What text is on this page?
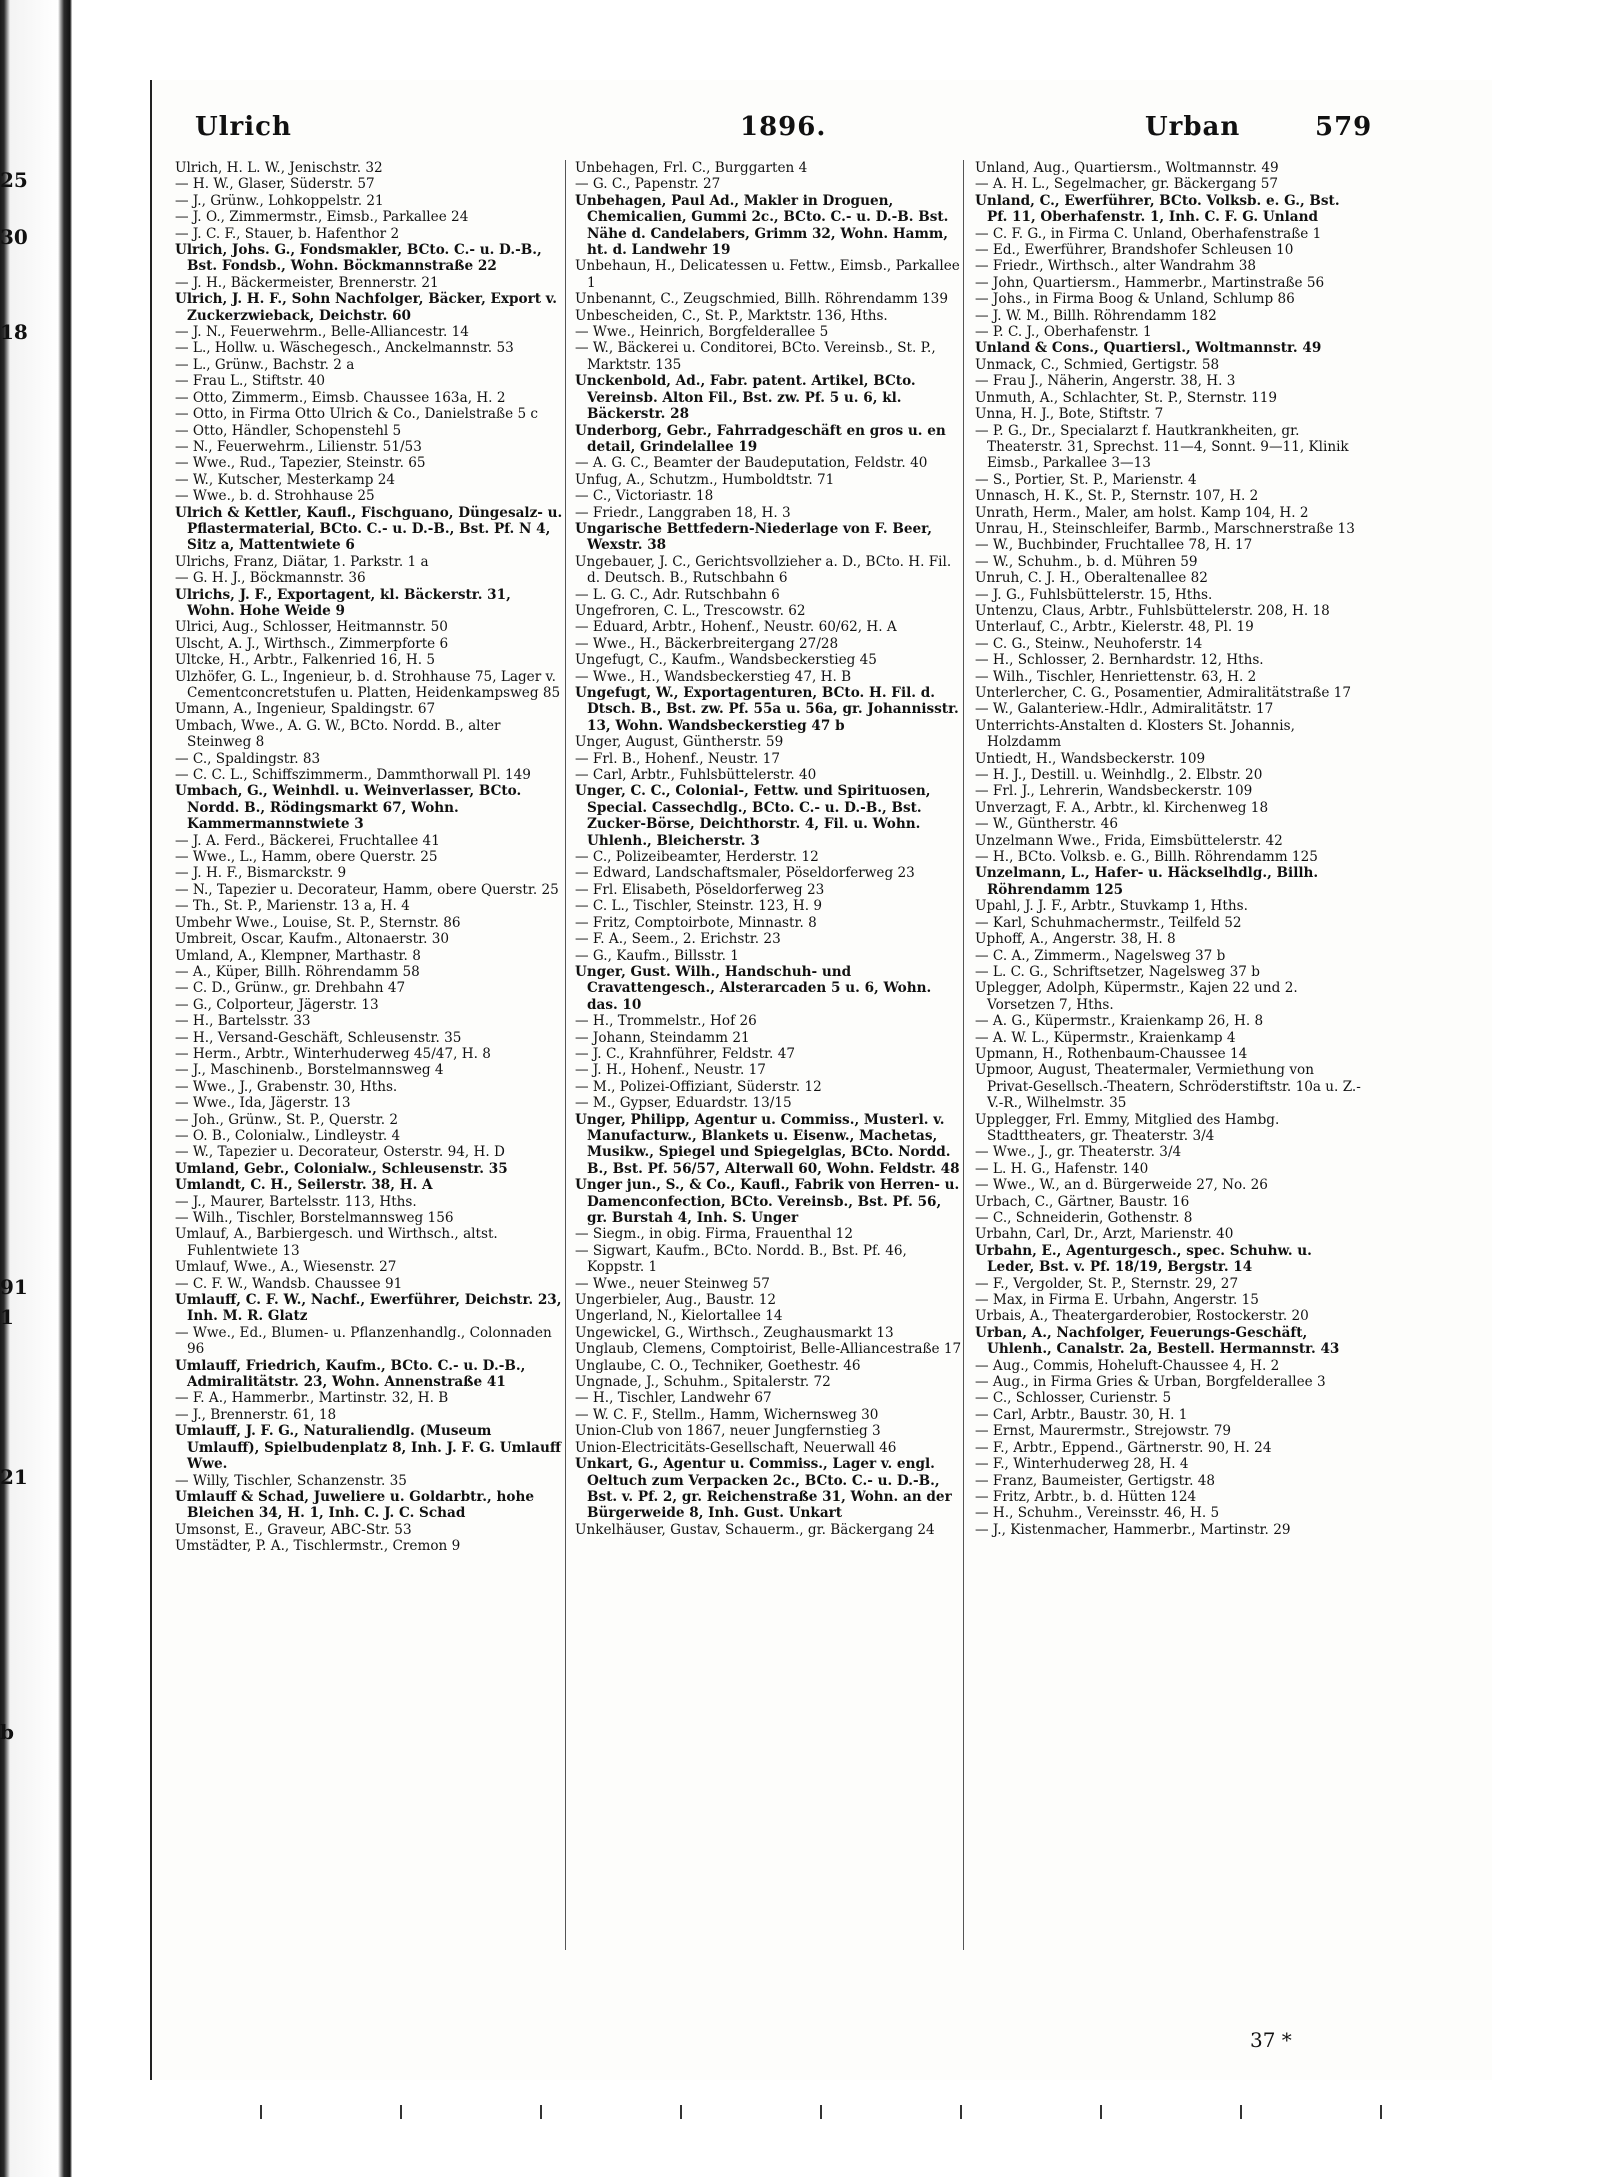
Ulrich	1896.	Urban	579

Ulrich, H. L. W., Jenischstr. 32

— H. W., Glaser, Süderstr. 57

— J., Grünw., Lohkoppelstr. 21

— J. O., Zimmermstr., Eimsb., Parkallee 24

— J. C. F., Stauer, b. Hafenthor 2

Ulrich, Johs. G., Fondsmakler, BCto. C.- u. D.-B., Bst. Fondsb., Wohn. Böckmannstraße 22

— J. H., Bäckermeister, Brennerstr. 21

Ulrich, J. H. F., Sohn Nachfolger, Bäcker, Export v. Zuckerzwieback, Deichstr. 60

— J. N., Feuerwehrm., Belle-Alliancestr. 14

— L., Hollw. u. Wäschegesch., Anckelmannstr. 53

— L., Grünw., Bachstr. 2 a

— Frau L., Stiftstr. 40

— Otto, Zimmerm., Eimsb. Chaussee 163a, H. 2

— Otto, in Firma Otto Ulrich & Co., Danielstraße 5 c

— Otto, Händler, Schopenstehl 5

— N., Feuerwehrm., Lilienstr. 51/53

— Wwe., Rud., Tapezier, Steinstr. 65

— W., Kutscher, Mesterkamp 24

— Wwe., b. d. Strohhause 25

Ulrich & Kettler, Kaufl., Fischguano, Düngesalz- u. Pflastermaterial, BCto. C.- u. D.-B., Bst. Pf. N 4, Sitz a, Mattentwiete 6

Ulrichs, Franz, Diätar, 1. Parkstr. 1 a

— G. H. J., Böckmannstr. 36

Ulrichs, J. F., Exportagent, kl. Bäckerstr. 31, Wohn. Hohe Weide 9

Ulrici, Aug., Schlosser, Heitmannstr. 50

Ulscht, A. J., Wirthsch., Zimmerpforte 6

Ultcke, H., Arbtr., Falkenried 16, H. 5

Ulzhöfer, G. L., Ingenieur, b. d. Strohhause 75, Lager v. Cementconcretstufen u. Platten, Heidenkampsweg 85

Umann, A., Ingenieur, Spaldingstr. 67

Umbach, Wwe., A. G. W., BCto. Nordd. B., alter Steinweg 8

— C., Spaldingstr. 83

— C. C. L., Schiffszimmerm., Dammthorwall Pl. 149

Umbach, G., Weinhdl. u. Weinverlasser, BCto. Nordd. B., Rödingsmarkt 67, Wohn. Kammermannstwiete 3

— J. A. Ferd., Bäckerei, Fruchtallee 41

— Wwe., L., Hamm, obere Querstr. 25

— J. H. F., Bismarckstr. 9

— N., Tapezier u. Decorateur, Hamm, obere Querstr. 25

— Th., St. P., Marienstr. 13 a, H. 4

Umbehr Wwe., Louise, St. P., Sternstr. 86

Umbreit, Oscar, Kaufm., Altonaerstr. 30

Umland, A., Klempner, Marthastr. 8

— A., Küper, Billh. Röhrendamm 58

— C. D., Grünw., gr. Drehbahn 47

— G., Colporteur, Jägerstr. 13

— H., Bartelsstr. 33

— H., Versand-Geschäft, Schleusenstr. 35

— Herm., Arbtr., Winterhuderweg 45/47, H. 8

— J., Maschinenb., Borstelmannsweg 4

— Wwe., J., Grabenstr. 30, Hths.

— Wwe., Ida, Jägerstr. 13

— Joh., Grünw., St. P., Querstr. 2

— O. B., Colonialw., Lindleystr. 4

— W., Tapezier u. Decorateur, Osterstr. 94, H. D

Umland, Gebr., Colonialw., Schleusenstr. 35

Umlandt, C. H., Seilerstr. 38, H. A

— J., Maurer, Bartelsstr. 113, Hths.

— Wilh., Tischler, Borstelmannsweg 156

Umlauf, A., Barbiergesch. und Wirthsch., altst. Fuhlentwiete 13

Umlauf, Wwe., A., Wiesenstr. 27

— C. F. W., Wandsb. Chaussee 91

Umlauff, C. F. W., Nachf., Ewerführer, Deichstr. 23, Inh. M. R. Glatz

— Wwe., Ed., Blumen- u. Pflanzenhandlg., Colonnaden 96

Umlauff, Friedrich, Kaufm., BCto. C.- u. D.-B., Admiralitätstr. 23, Wohn. Annenstraße 41

— F. A., Hammerbr., Martinstr. 32, H. B

— J., Brennerstr. 61, 18

Umlauff, J. F. G., Naturaliendlg. (Museum Umlauff), Spielbudenplatz 8, Inh. J. F. G. Umlauff Wwe.

— Willy, Tischler, Schanzenstr. 35

Umlauff & Schad, Juweliere u. Goldarbtr., hohe Bleichen 34, H. 1, Inh. C. J. C. Schad

Umsonst, E., Graveur, ABC-Str. 53

Umstädter, P. A., Tischlermstr., Cremon 9

Unbehagen, Frl. C., Burggarten 4

— G. C., Papenstr. 27

Unbehagen, Paul Ad., Makler in Droguen, Chemicalien, Gummi 2c., BCto. C.- u. D.-B. Bst. Nähe d. Candelabers, Grimm 32, Wohn. Hamm, ht. d. Landwehr 19

Unbehaun, H., Delicatessen u. Fettw., Eimsb., Parkallee 1

Unbenannt, C., Zeugschmied, Billh. Röhrendamm 139

Unbescheiden, C., St. P., Marktstr. 136, Hths.

— Wwe., Heinrich, Borgfelderallee 5

— W., Bäckerei u. Conditorei, BCto. Vereinsb., St. P., Marktstr. 135

Unckenbold, Ad., Fabr. patent. Artikel, BCto. Vereinsb. Alton Fil., Bst. zw. Pf. 5 u. 6, kl. Bäckerstr. 28

Underborg, Gebr., Fahrradgeschäft en gros u. en detail, Grindelallee 19

— A. G. C., Beamter der Baudeputation, Feldstr. 40

Unfug, A., Schutzm., Humboldtstr. 71

— C., Victoriastr. 18

— Friedr., Langgraben 18, H. 3

Ungarische Bettfedern-Niederlage von F. Beer, Wexstr. 38

Ungebauer, J. C., Gerichtsvollzieher a. D., BCto. H. Fil. d. Deutsch. B., Rutschbahn 6

— L. G. C., Adr. Rutschbahn 6

Ungefroren, C. L., Trescowstr. 62

— Eduard, Arbtr., Hohenf., Neustr. 60/62, H. A

— Wwe., H., Bäckerbreitergang 27/28

Ungefugt, C., Kaufm., Wandsbeckerstieg 45

— Wwe., H., Wandsbeckerstieg 47, H. B

Ungefugt, W., Exportagenturen, BCto. H. Fil. d. Dtsch. B., Bst. zw. Pf. 55a u. 56a, gr. Johannisstr. 13, Wohn. Wandsbeckerstieg 47 b

Unger, August, Güntherstr. 59

— Frl. B., Hohenf., Neustr. 17

— Carl, Arbtr., Fuhlsbüttelerstr. 40

Unger, C. C., Colonial-, Fettw. und Spirituosen, Special. Cassechdlg., BCto. C.- u. D.-B., Bst. Zucker-Börse, Deichthorstr. 4, Fil. u. Wohn. Uhlenh., Bleicherstr. 3

— C., Polizeibeamter, Herderstr. 12

— Edward, Landschaftsmaler, Pöseldorferweg 23

— Frl. Elisabeth, Pöseldorferweg 23

— C. L., Tischler, Steinstr. 123, H. 9

— Fritz, Comptoirbote, Minnastr. 8

— F. A., Seem., 2. Erichstr. 23

— G., Kaufm., Billsstr. 1

Unger, Gust. Wilh., Handschuh- und Cravattengesch., Alsterarcaden 5 u. 6, Wohn. das. 10

— H., Trommelstr., Hof 26

— Johann, Steindamm 21

— J. C., Krahnführer, Feldstr. 47

— J. H., Hohenf., Neustr. 17

— M., Polizei-Offiziant, Süderstr. 12

— M., Gypser, Eduardstr. 13/15

Unger, Philipp, Agentur u. Commiss., Musterl. v. Manufacturw., Blankets u. Eisenw., Machetas, Musikw., Spiegel und Spiegelglas, BCto. Nordd. B., Bst. Pf. 56/57, Alterwall 60, Wohn. Feldstr. 48

Unger jun., S., & Co., Kaufl., Fabrik von Herren- u. Damenconfection, BCto. Vereinsb., Bst. Pf. 56, gr. Burstah 4, Inh. S. Unger

— Siegm., in obig. Firma, Frauenthal 12

— Sigwart, Kaufm., BCto. Nordd. B., Bst. Pf. 46, Koppstr. 1

— Wwe., neuer Steinweg 57

Ungerbieler, Aug., Baustr. 12

Ungerland, N., Kielortallee 14

Ungewickel, G., Wirthsch., Zeughausmarkt 13

Unglaub, Clemens, Comptoirist, Belle-Alliancestraße 17

Unglaube, C. O., Techniker, Goethestr. 46

Ungnade, J., Schuhm., Spitalerstr. 72

— H., Tischler, Landwehr 67

— W. C. F., Stellm., Hamm, Wichernsweg 30

Union-Club von 1867, neuer Jungfernstieg 3

Union-Electricitäts-Gesellschaft, Neuerwall 46

Unkart, G., Agentur u. Commiss., Lager v. engl. Oeltuch zum Verpacken 2c., BCto. C.- u. D.-B., Bst. v. Pf. 2, gr. Reichenstraße 31, Wohn. an der Bürgerweide 8, Inh. Gust. Unkart

Unkelhäuser, Gustav, Schauerm., gr. Bäckergang 24

Unland, Aug., Quartiersm., Woltmannstr. 49

— A. H. L., Segelmacher, gr. Bäckergang 57

Unland, C., Ewerführer, BCto. Volksb. e. G., Bst. Pf. 11, Oberhafenstr. 1, Inh. C. F. G. Unland

— C. F. G., in Firma C. Unland, Oberhafenstraße 1

— Ed., Ewerführer, Brandshofer Schleusen 10

— Friedr., Wirthsch., alter Wandrahm 38

— John, Quartiersm., Hammerbr., Martinstraße 56

— Johs., in Firma Boog & Unland, Schlump 86

— J. W. M., Billh. Röhrendamm 182

— P. C. J., Oberhafenstr. 1

Unland & Cons., Quartiersl., Woltmannstr. 49

Unmack, C., Schmied, Gertigstr. 58

— Frau J., Näherin, Angerstr. 38, H. 3

Unmuth, A., Schlachter, St. P., Sternstr. 119

Unna, H. J., Bote, Stiftstr. 7

— P. G., Dr., Specialarzt f. Hautkrankheiten, gr. Theaterstr. 31, Sprechst. 11—4, Sonnt. 9—11, Klinik Eimsb., Parkallee 3—13

— S., Portier, St. P., Marienstr. 4

Unnasch, H. K., St. P., Sternstr. 107, H. 2

Unrath, Herm., Maler, am holst. Kamp 104, H. 2

Unrau, H., Steinschleifer, Barmb., Marschnerstraße 13

— W., Buchbinder, Fruchtallee 78, H. 17

— W., Schuhm., b. d. Mühren 59

Unruh, C. J. H., Oberaltenallee 82

— J. G., Fuhlsbüttelerstr. 15, Hths.

Untenzu, Claus, Arbtr., Fuhlsbüttelerstr. 208, H. 18

Unterlauf, C., Arbtr., Kielerstr. 48, Pl. 19

— C. G., Steinw., Neuhoferstr. 14

— H., Schlosser, 2. Bernhardstr. 12, Hths.

— Wilh., Tischler, Henriettenstr. 63, H. 2

Unterlercher, C. G., Posamentier, Admiralitätstraße 17

— W., Galanteriew.-Hdlr., Admiralitätstr. 17

Unterrichts-Anstalten d. Klosters St. Johannis, Holzdamm

Untiedt, H., Wandsbeckerstr. 109

— H. J., Destill. u. Weinhdlg., 2. Elbstr. 20

— Frl. J., Lehrerin, Wandsbeckerstr. 109

Unverzagt, F. A., Arbtr., kl. Kirchenweg 18

— W., Güntherstr. 46

Unzelmann Wwe., Frida, Eimsbüttelerstr. 42

— H., BCto. Volksb. e. G., Billh. Röhrendamm 125

Unzelmann, L., Hafer- u. Häckselhdlg., Billh. Röhrendamm 125

Upahl, J. J. F., Arbtr., Stuvkamp 1, Hths.

— Karl, Schuhmachermstr., Teilfeld 52

Uphoff, A., Angerstr. 38, H. 8

— C. A., Zimmerm., Nagelsweg 37 b

— L. C. G., Schriftsetzer, Nagelsweg 37 b

Uplegger, Adolph, Küpermstr., Kajen 22 und 2. Vorsetzen 7, Hths.

— A. G., Küpermstr., Kraienkamp 26, H. 8

— A. W. L., Küpermstr., Kraienkamp 4

Upmann, H., Rothenbaum-Chaussee 14

Upmoor, August, Theatermaler, Vermiethung von Privat-Gesellsch.-Theatern, Schröderstiftstr. 10a u. Z.-V.-R., Wilhelmstr. 35

Upplegger, Frl. Emmy, Mitglied des Hambg. Stadttheaters, gr. Theaterstr. 3/4

— Wwe., J., gr. Theaterstr. 3/4

— L. H. G., Hafenstr. 140

— Wwe., W., an d. Bürgerweide 27, No. 26

Urbach, C., Gärtner, Baustr. 16

— C., Schneiderin, Gothenstr. 8

Urbahn, Carl, Dr., Arzt, Marienstr. 40

Urbahn, E., Agenturgesch., spec. Schuhw. u. Leder, Bst. v. Pf. 18/19, Bergstr. 14

— F., Vergolder, St. P., Sternstr. 29, 27

— Max, in Firma E. Urbahn, Angerstr. 15

Urbais, A., Theatergarderobier, Rostockerstr. 20

Urban, A., Nachfolger, Feuerungs-Geschäft, Uhlenh., Canalstr. 2a, Bestell. Hermannstr. 43

— Aug., Commis, Hoheluft-Chaussee 4, H. 2

— Aug., in Firma Gries & Urban, Borgfelderallee 3

— C., Schlosser, Curienstr. 5

— Carl, Arbtr., Baustr. 30, H. 1

— Ernst, Maurermstr., Strejowstr. 79

— F., Arbtr., Eppend., Gärtnerstr. 90, H. 24

— F., Winterhuderweg 28, H. 4

— Franz, Baumeister, Gertigstr. 48

— Fritz, Arbtr., b. d. Hütten 124

— H., Schuhm., Vereinsstr. 46, H. 5

— J., Kistenmacher, Hammerbr., Martinstr. 29

37 *
25
30
18
91
1
21
b
